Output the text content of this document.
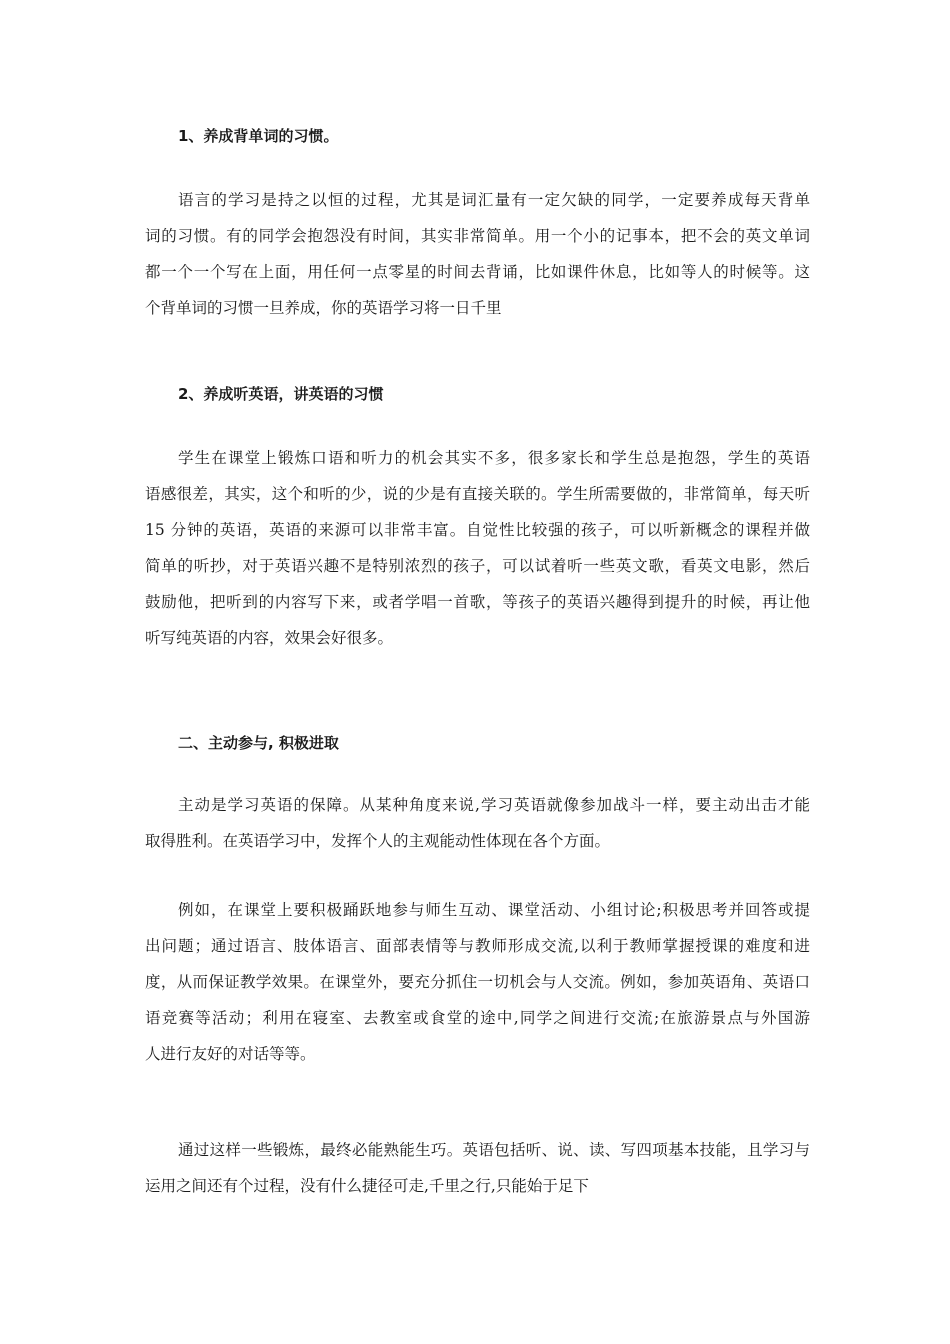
1、养成背单词的习惯。
语言的学习是持之以恒的过程，尤其是词汇量有一定欠缺的同学，一定要养成每天背单
词的习惯。有的同学会抱怨没有时间，其实非常简单。用一个小的记事本，把不会的英文单词
都一个一个写在上面，用任何一点零星的时间去背诵，比如课件休息，比如等人的时候等。这
个背单词的习惯一旦养成，你的英语学习将一日千里
2、养成听英语，讲英语的习惯
学生在课堂上锻炼口语和听力的机会其实不多，很多家长和学生总是抱怨，学生的英语
语感很差，其实，这个和听的少，说的少是有直接关联的。学生所需要做的，非常简单，每天听
15 分钟的英语，英语的来源可以非常丰富。自觉性比较强的孩子，可以听新概念的课程并做
简单的听抄，对于英语兴趣不是特别浓烈的孩子，可以试着听一些英文歌，看英文电影，然后
鼓励他，把听到的内容写下来，或者学唱一首歌，等孩子的英语兴趣得到提升的时候，再让他
听写纯英语的内容，效果会好很多。
二、主动参与, 积极进取
主动是学习英语的保障。从某种角度来说,学习英语就像参加战斗一样，要主动出击才能
取得胜利。在英语学习中，发挥个人的主观能动性体现在各个方面。
例如，在课堂上要积极踊跃地参与师生互动、课堂活动、小组讨论;积极思考并回答或提
出问题；通过语言、肢体语言、面部表情等与教师形成交流,以利于教师掌握授课的难度和进
度，从而保证教学效果。在课堂外，要充分抓住一切机会与人交流。例如，参加英语角、英语口
语竞赛等活动；利用在寝室、去教室或食堂的途中,同学之间进行交流;在旅游景点与外国游
人进行友好的对话等等。
通过这样一些锻炼，最终必能熟能生巧。英语包括听、说、读、写四项基本技能，且学习与
运用之间还有个过程，没有什么捷径可走,千里之行,只能始于足下
